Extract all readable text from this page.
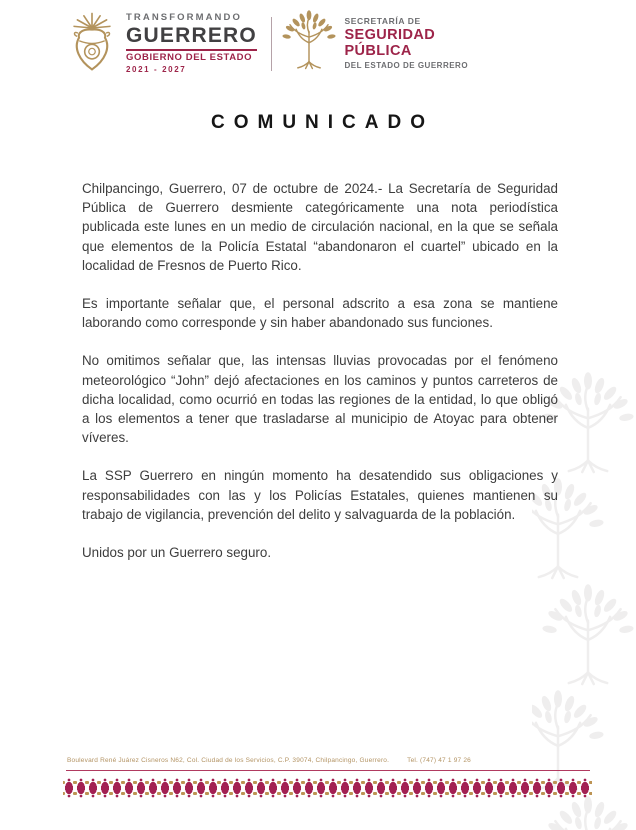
TRANSFORMANDO
GUERRERO
GOBIERNO DEL ESTADO
2021 - 2027
SECRETARÍA DE
SEGURIDAD
PÚBLICA
DEL ESTADO DE GUERRERO
COMUNICADO

Chilpancingo, Guerrero, 07 de octubre de 2024.- La Secretaría de Seguridad Pública de Guerrero desmiente categóricamente una nota periodística publicada este lunes en un medio de circulación nacional, en la que se señala que elementos de la Policía Estatal “abandonaron el cuartel” ubicado en la localidad de Fresnos de Puerto Rico.

Es importante señalar que, el personal adscrito a esa zona se mantiene laborando como corresponde y sin haber abandonado sus funciones.

No omitimos señalar que, las intensas lluvias provocadas por el fenómeno meteorológico “John” dejó afectaciones en los caminos y puntos carreteros de dicha localidad, como ocurrió en todas las regiones de la entidad, lo que obligó a los elementos a tener que trasladarse al municipio de Atoyac para obtener víveres.

La SSP Guerrero en ningún momento ha desatendido sus obligaciones y responsabilidades con las y los Policías Estatales, quienes mantienen su trabajo de vigilancia, prevención del delito y salvaguarda de la población.

Unidos por un Guerrero seguro.

Boulevard René Juárez Cisneros N62, Col. Ciudad de los Servicios, C.P. 39074, Chilpancingo, Guerrero.	Tel. (747) 47 1 97 26
